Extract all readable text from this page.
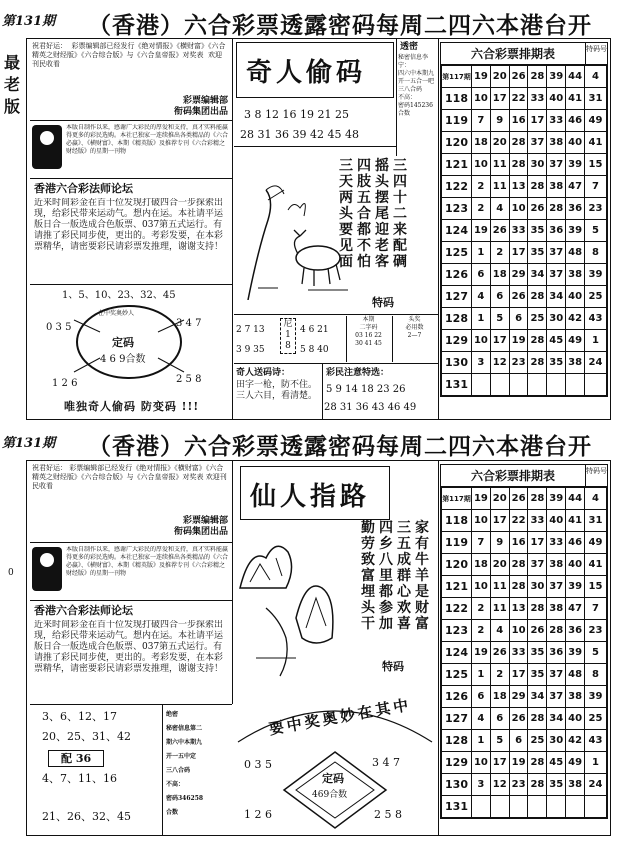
最老版
0
第131期 （香港）六合彩票透露密码每周二四六本港台开
祝君好运：  彩票编辑部已经发行《绝对情报》《横财富》《六合精英之财经版》《六合综合版》与《六合皇帝报》对奖表  欢迎刊民收看
彩票编辑部
衔码集团出品
本版自制作以来，感谢广大彩民的厚爱和支持，真才实料能赢得更多的彩民选购。本社已独家一连续推出各类精品的《六合必赢》、《横财富》、本期《精英版》及推荐专刊《六合彩精之财经版》的星期一刊物
香港六合彩法师论坛
近来时间彩金在百十位发现打破四合一步探索出现，给彩民带来运动气。想内在运。本社请平运版日合一版选成合色版票、037第五式运行。有请推了彩民同步使，更出的。考彩发要，在本彩票精华，请密要彩民请彩票发推理，谢谢支持！
1、5、10、23、32、45
0 3 5	3 4 7
1 2 6	2 5 8
在中奖奥妙人
定码
4 6 9合数
唯独奇人偷码 防变码 !!!
奇人偷码
3 8 12 16 19 21 25
28 31 36 39 42 45 48
透密
秘密信息李宁：
四六中本期九
开一五合一吧
三八合码
不高：
密码145236
合数
三四十二来配碉
摇头摆尾迎老客
四肢五合都不怕
三天两头要见面
特码
2 7 13
3 9 35
尼
1 8
4 6 21
5 8 40
本期
二字码
03 16 22
30 41 45
头奖
必用数
2—7
奇人送码诗：
田字一枪，防不住。三人六目，看清楚。
彩民注意特选：
5 9 14 18 23 26
28 31 36 43 46 49
六合彩票排期表	特码号
第117期	19	20	26	28	39	44	4
118	10	17	22	33	40	41	31
119	7	9	16	17	33	46	49
120	18	20	28	37	38	40	41
121	10	11	28	30	37	39	15
122	2	11	13	28	38	47	7
123	2	4	10	26	28	36	23
124	19	26	33	35	36	39	5
125	1	2	17	35	37	48	8
126	6	18	29	34	37	38	39
127	4	6	26	28	34	40	25
128	1	5	6	25	30	42	43
129	10	17	19	28	45	49	1
130	3	12	23	28	35	38	24
131							
第131期 （香港）六合彩票透露密码每周二四六本港台开
祝君好运： 彩票编辑部已经发行《绝对情报》《横财富》《六合精英之财经版》《六合综合版》与《六合皇帝报》对奖表 欢迎刊民收看
彩票编辑部
衔码集团出品
本版自制作以来，感谢广大彩民的厚爱和支持，真才实料能赢得更多的彩民选购。本社已独家一连续推出各类精品的《六合必赢》、《横财富》、本期《精英版》及推荐专刊《六合彩精之财经版》的星期一刊物
香港六合彩法师论坛
近来时间彩金在百十位发现打破四合一步探索出现，给彩民带来运动气。想内在运。本社请平运版日合一版选成合色版票、037第五式运行。有请推了彩民同步使，更出的。考彩发要，在本彩票精华，请密要彩民请彩票发推理，谢谢支持！
3、6、12、17
20、25、31、42
配 36
4、7、11、16
21、26、32、45
绝密
秘密信息第二
期六中本期九
开一五中定
三八合码
不高：
密码346258
合数
仙人指路
家有牛羊是财富
三五成群心欢喜
四乡八里都参加
勤劳致富埋头干
特码
要中奖奥妙在其中
0 3 5	3 4 7
1 2 6	2 5 8
定码
469合数
六合彩票排期表	特码号
第117期	19	20	26	28	39	44	4
118	10	17	22	33	40	41	31
119	7	9	16	17	33	46	49
120	18	20	28	37	38	40	41
121	10	11	28	30	37	39	15
122	2	11	13	28	38	47	7
123	2	4	10	26	28	36	23
124	19	26	33	35	36	39	5
125	1	2	17	35	37	48	8
126	6	18	29	34	37	38	39
127	4	6	26	28	34	40	25
128	1	5	6	25	30	42	43
129	10	17	19	28	45	49	1
130	3	12	23	28	35	38	24
131							
